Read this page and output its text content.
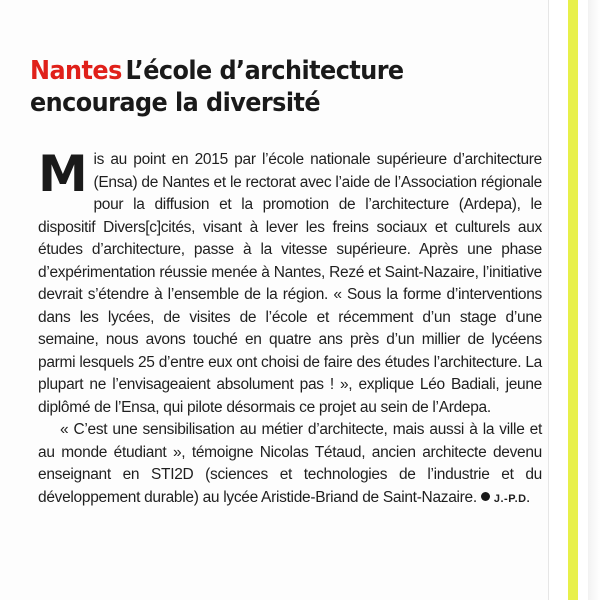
Nantes L’école d’architecture encourage la diversité

Mis au point en 2015 par l’école nationale supérieure d’architecture (Ensa) de Nantes et le rectorat avec l’aide de l’Association régionale pour la diffusion et la promotion de l’architecture (Ardepa), le dispositif Divers[c]cités, visant à lever les freins sociaux et culturels aux études d’architecture, passe à la vitesse supérieure. Après une phase d’expérimentation réussie menée à Nantes, Rezé et Saint-Nazaire, l’initiative devrait s’étendre à l’ensemble de la région. « Sous la forme d’interventions dans les lycées, de visites de l’école et récemment d’un stage d’une semaine, nous avons touché en quatre ans près d’un millier de lycéens parmi lesquels 25 d’entre eux ont choisi de faire des études l’architecture. La plupart ne l’envisageaient absolument pas ! », explique Léo Badiali, jeune diplômé de l’Ensa, qui pilote désormais ce projet au sein de l’Ardepa.

« C’est une sensibilisation au métier d’architecte, mais aussi à la ville et au monde étudiant », témoigne Nicolas Tétaud, ancien architecte devenu enseignant en STI2D (sciences et technologies de l’industrie et du développement durable) au lycée Aristide-Briand de Saint-Nazaire. J.-P.D.
